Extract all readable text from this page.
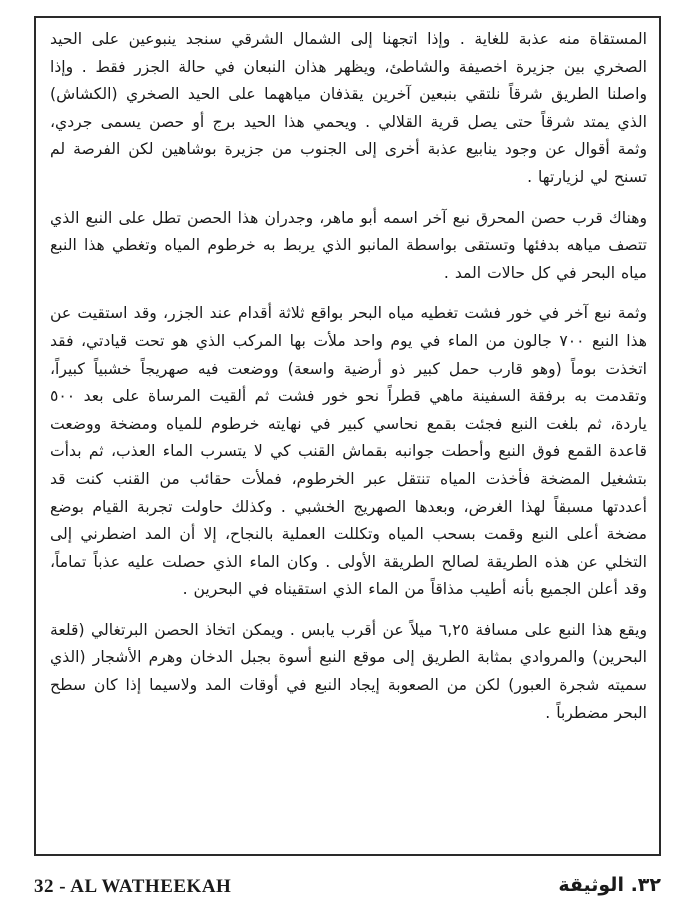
المستقاة منه عذبة للغاية . وإذا اتجهنا إلى الشمال الشرقي سنجد ينبوعين على الحيد الصخري بين جزيرة اخصيفة والشاطئ، ويظهر هذان النبعان في حالة الجزر فقط . وإذا واصلنا الطريق شرقاً نلتقي بنبعين آخرين يقذفان مياههما على الحيد الصخري (الكشاش) الذي يمتد شرقاً حتى يصل قرية القلالي . ويحمي هذا الحيد برج أو حصن يسمى جردي، وثمة أقوال عن وجود ينابيع عذبة أخرى إلى الجنوب من جزيرة بوشاهين لكن الفرصة لم تسنح لي لزيارتها .

وهناك قرب حصن المحرق نبع آخر اسمه أبو ماهر، وجدران هذا الحصن تطل على النبع الذي تتصف مياهه بدفئها وتستقى بواسطة المانبو الذي يربط به خرطوم المياه وتغطي هذا النبع مياه البحر في كل حالات المد .

وثمة نبع آخر في خور فشت تغطيه مياه البحر بواقع ثلاثة أقدام عند الجزر، وقد استقيت عن هذا النبع ٧٠٠ جالون من الماء في يوم واحد ملأت بها المركب الذي هو تحت قيادتي، فقد اتخذت بوماً (وهو قارب حمل كبير ذو أرضية واسعة) ووضعت فيه صهريجاً خشبياً كبيراً، وتقدمت به برفقة السفينة ماهي قطراً نحو خور فشت ثم ألقيت المرساة على بعد ٥٠٠ ياردة، ثم بلغت النبع فجئت بقمع نحاسي كبير في نهايته خرطوم للمياه ومضخة ووضعت قاعدة القمع فوق النبع وأحطت جوانبه بقماش القنب كي لا يتسرب الماء العذب، ثم بدأت بتشغيل المضخة فأخذت المياه تنتقل عبر الخرطوم، فملأت حقائب من القنب كنت قد أعددتها مسبقاً لهذا الغرض، وبعدها الصهريج الخشبي . وكذلك حاولت تجربة القيام بوضع مضخة أعلى النبع وقمت بسحب المياه وتكللت العملية بالنجاح، إلا أن المد اضطرني إلى التخلي عن هذه الطريقة لصالح الطريقة الأولى . وكان الماء الذي حصلت عليه عذباً تماماً، وقد أعلن الجميع بأنه أطيب مذاقاً من الماء الذي استقيناه في البحرين .

ويقع هذا النبع على مسافة ٦,٢٥ ميلاً عن أقرب يابس . ويمكن اتخاذ الحصن البرتغالي (قلعة البحرين) والمروادي بمثابة الطريق إلى موقع النبع أسوة بجبل الدخان وهرم الأشجار (الذي سميته شجرة العبور) لكن من الصعوبة إيجاد النبع في أوقات المد ولاسيما إذا كان سطح البحر مضطرباً .

32 - AL WATHEEKAH	٣٢. الوثيقة
